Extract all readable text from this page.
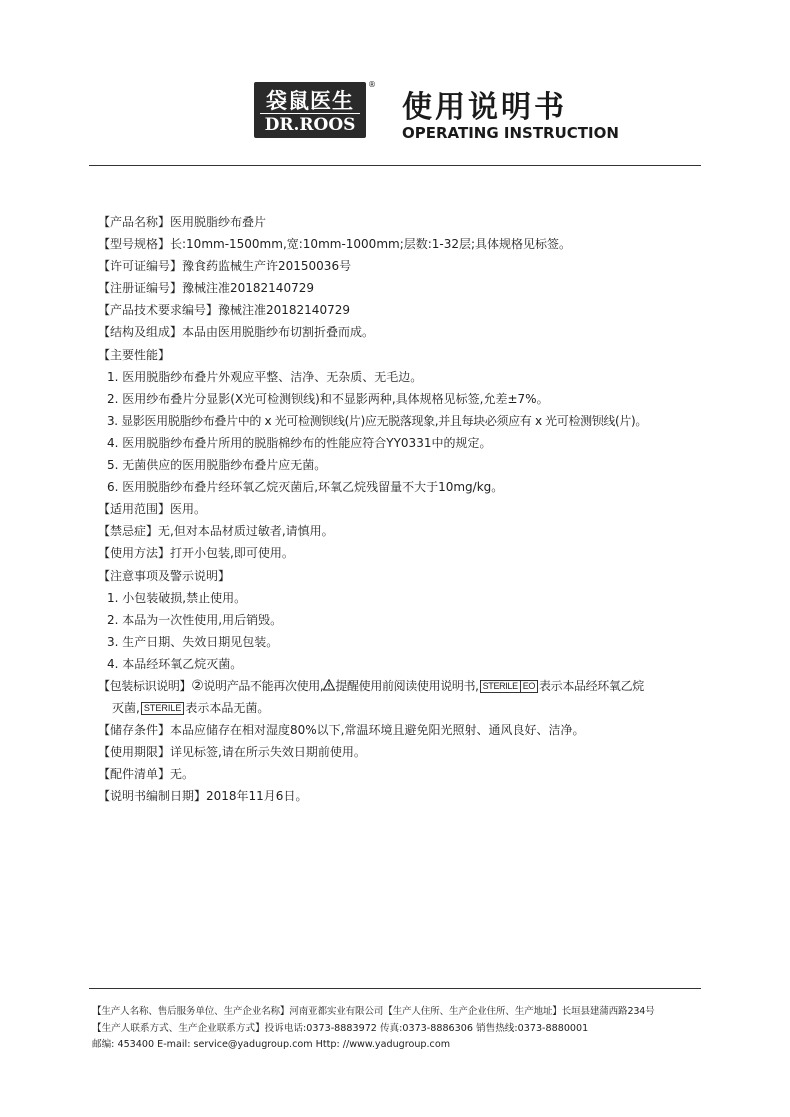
袋鼠医生
DR.ROOS
®
使用说明书
OPERATING INSTRUCTION
【产品名称】医用脱脂纱布叠片
【型号规格】长:10mm-1500mm,宽:10mm-1000mm;层数:1-32层;具体规格见标签。
【许可证编号】豫食药监械生产许20150036号
【注册证编号】豫械注准20182140729
【产品技术要求编号】豫械注准20182140729
【结构及组成】本品由医用脱脂纱布切割折叠而成。
【主要性能】
1. 医用脱脂纱布叠片外观应平整、洁净、无杂质、无毛边。
2. 医用纱布叠片分显影(X光可检测钡线)和不显影两种,具体规格见标签,允差±7%。
3. 显影医用脱脂纱布叠片中的 x 光可检测钡线(片)应无脱落现象,并且每块必须应有 x 光可检测钡线(片)。
4. 医用脱脂纱布叠片所用的脱脂棉纱布的性能应符合YY0331中的规定。
5. 无菌供应的医用脱脂纱布叠片应无菌。
6. 医用脱脂纱布叠片经环氧乙烷灭菌后,环氧乙烷残留量不大于10mg/kg。
【适用范围】医用。
【禁忌症】无,但对本品材质过敏者,请慎用。
【使用方法】打开小包装,即可使用。
【注意事项及警示说明】
1. 小包装破损,禁止使用。
2. 本品为一次性使用,用后销毁。
3. 生产日期、失效日期见包装。
4. 本品经环氧乙烷灭菌。
【包装标识说明】②说明产品不能再次使用, 提醒使用前阅读使用说明书, STERILE EO 表示本品经环氧乙烷
灭菌, STERILE 表示本品无菌。
【储存条件】本品应储存在相对湿度80%以下,常温环境且避免阳光照射、通风良好、洁净。
【使用期限】详见标签,请在所示失效日期前使用。
【配件清单】无。
【说明书编制日期】2018年11月6日。
【生产人名称、售后服务单位、生产企业名称】河南亚都实业有限公司【生产人住所、生产企业住所、生产地址】长垣县建蒲西路234号
【生产人联系方式、生产企业联系方式】投诉电话:0373-8883972 传真:0373-8886306 销售热线:0373-8880001
邮编: 453400 E-mail: service@yadugroup.com Http: //www.yadugroup.com
